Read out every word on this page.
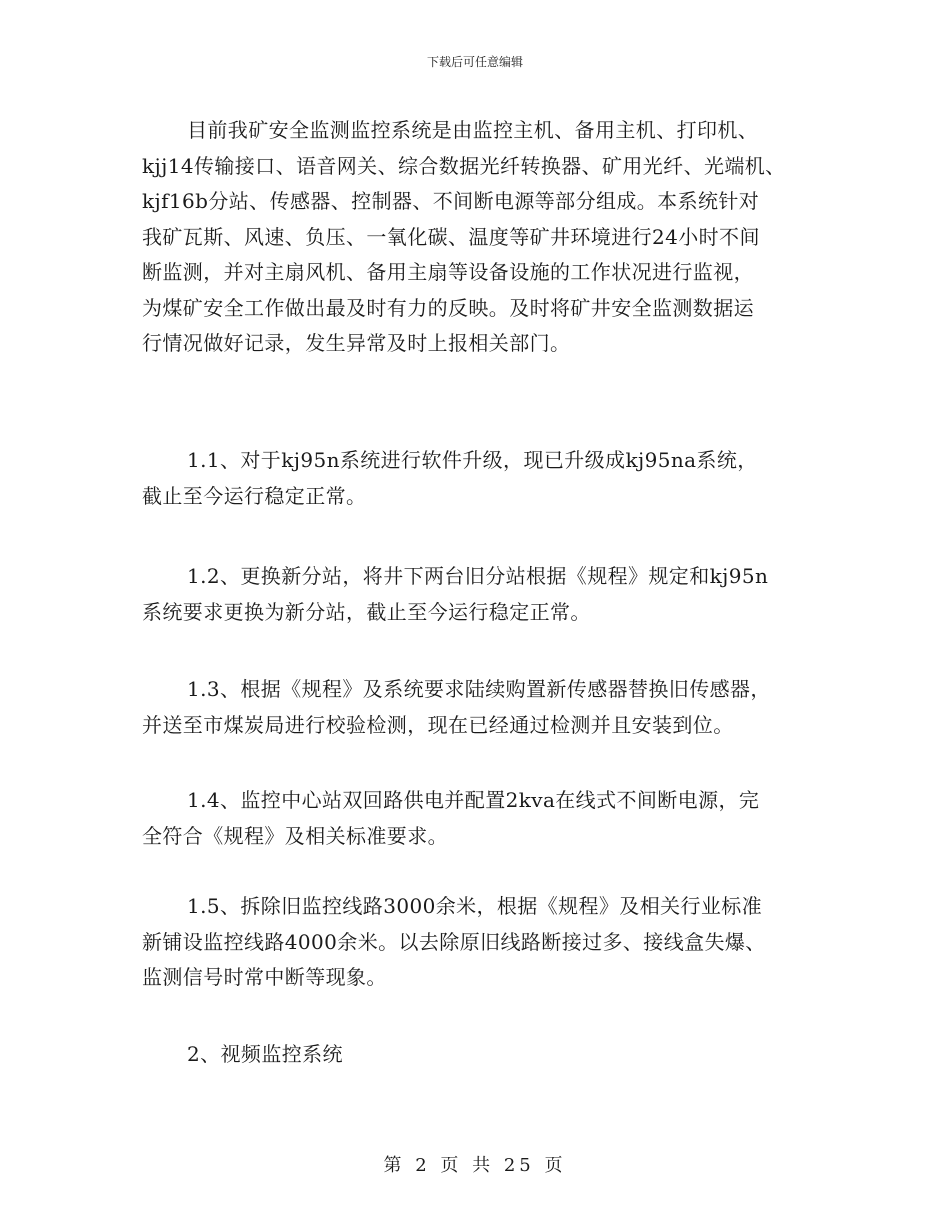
下载后可任意编辑
目前我矿安全监测监控系统是由监控主机、备用主机、打印机、
kjj14传输接口、语音网关、综合数据光纤转换器、矿用光纤、光端机、
kjf16b分站、传感器、控制器、不间断电源等部分组成。本系统针对
我矿瓦斯、风速、负压、一氧化碳、温度等矿井环境进行24小时不间
断监测，并对主扇风机、备用主扇等设备设施的工作状况进行监视，
为煤矿安全工作做出最及时有力的反映。及时将矿井安全监测数据运
行情况做好记录，发生异常及时上报相关部门。
1.1、对于kj95n系统进行软件升级，现已升级成kj95na系统，
截止至今运行稳定正常。
1.2、更换新分站，将井下两台旧分站根据《规程》规定和kj95n
系统要求更换为新分站，截止至今运行稳定正常。
1.3、根据《规程》及系统要求陆续购置新传感器替换旧传感器，
并送至市煤炭局进行校验检测，现在已经通过检测并且安装到位。
1.4、监控中心站双回路供电并配置2kva在线式不间断电源，完
全符合《规程》及相关标准要求。
1.5、拆除旧监控线路3000余米，根据《规程》及相关行业标准
新铺设监控线路4000余米。以去除原旧线路断接过多、接线盒失爆、
监测信号时常中断等现象。
2、视频监控系统
第 2 页 共 25 页
